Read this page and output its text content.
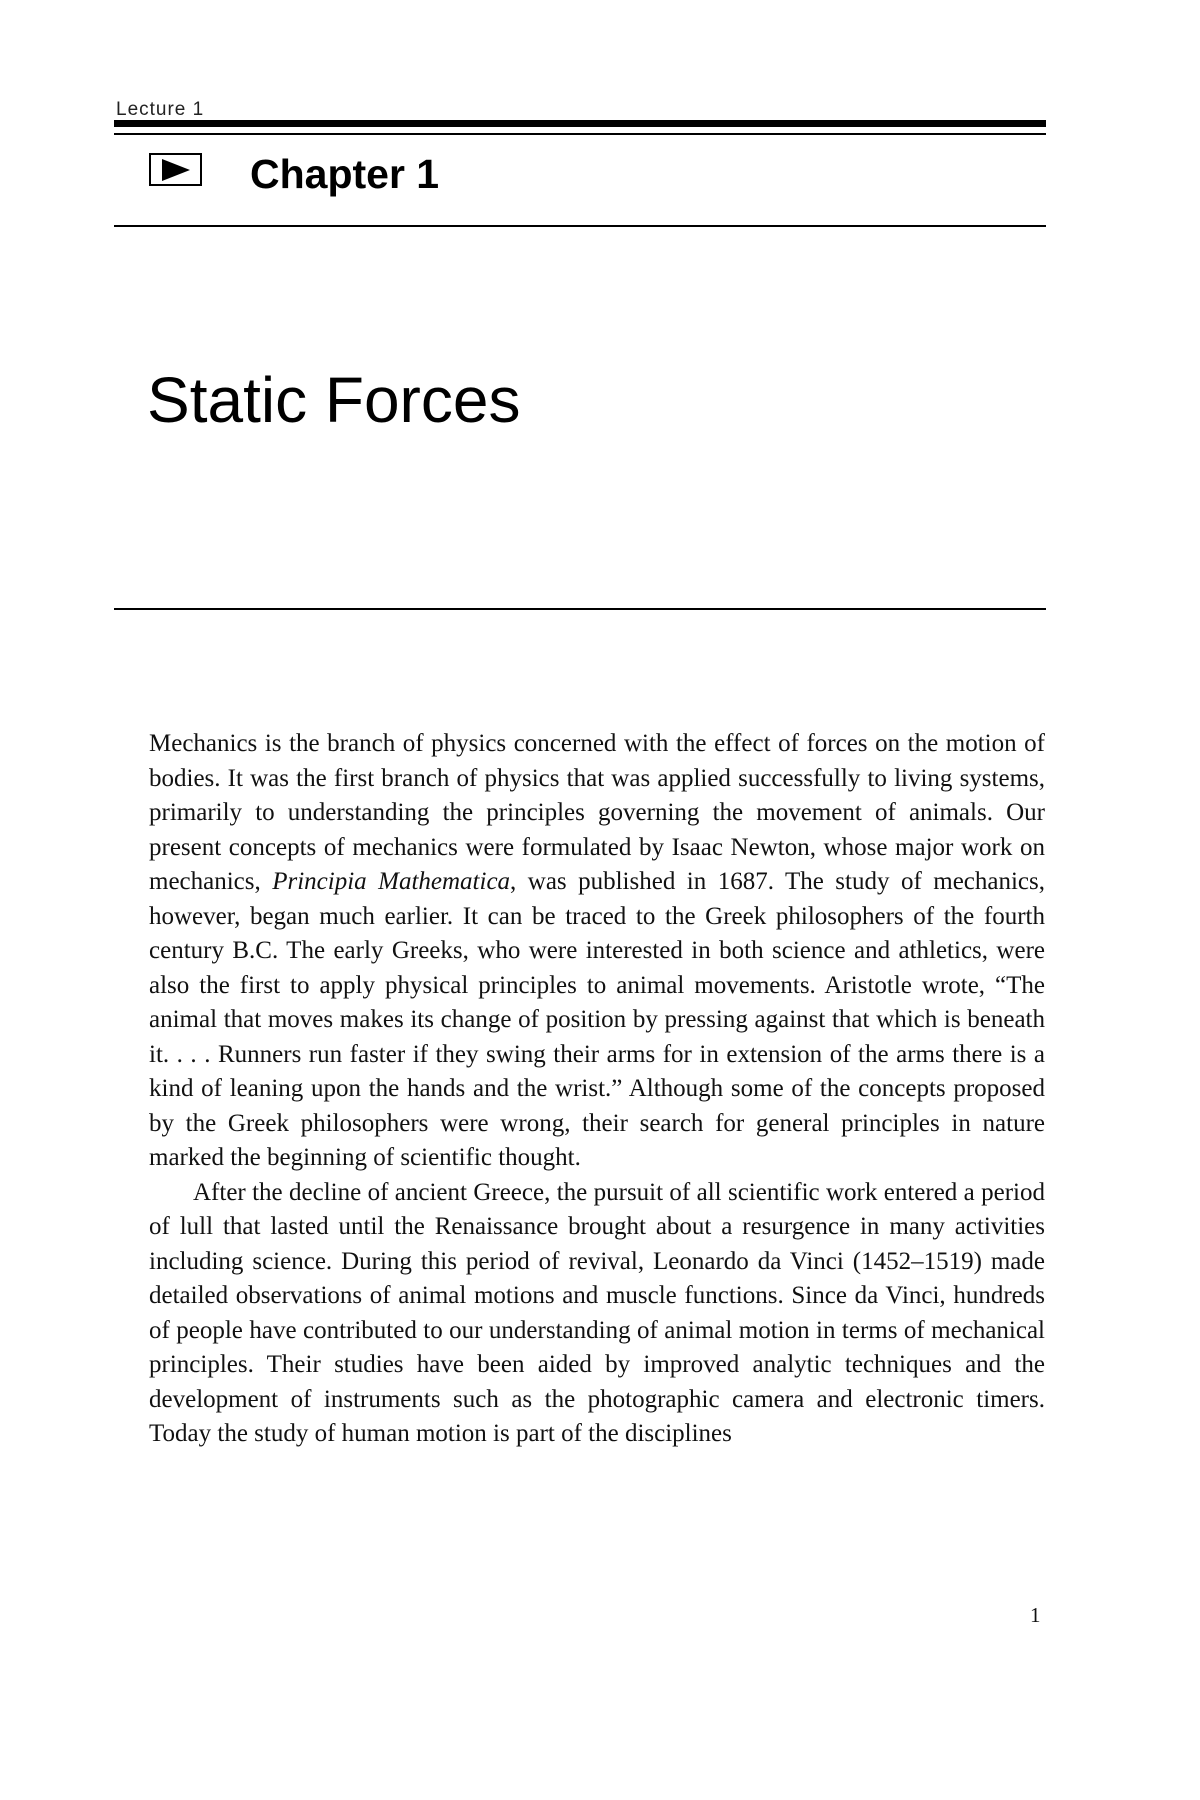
Lecture 1
Chapter 1
Static Forces

Mechanics is the branch of physics concerned with the effect of forces on the motion of bodies. It was the first branch of physics that was applied successfully to living systems, primarily to understanding the principles governing the movement of animals. Our present concepts of mechanics were formulated by Isaac Newton, whose major work on mechanics, Principia Mathematica, was published in 1687. The study of mechanics, however, began much earlier. It can be traced to the Greek philosophers of the fourth century B.C. The early Greeks, who were interested in both science and athletics, were also the first to apply physical principles to animal movements. Aristotle wrote, “The animal that moves makes its change of position by pressing against that which is beneath it. . . . Runners run faster if they swing their arms for in extension of the arms there is a kind of leaning upon the hands and the wrist.” Although some of the concepts proposed by the Greek philosophers were wrong, their search for general principles in nature marked the beginning of scientific thought.

After the decline of ancient Greece, the pursuit of all scientific work entered a period of lull that lasted until the Renaissance brought about a resurgence in many activities including science. During this period of revival, Leonardo da Vinci (1452–1519) made detailed observations of animal motions and muscle functions. Since da Vinci, hundreds of people have contributed to our understanding of animal motion in terms of mechanical principles. Their studies have been aided by improved analytic techniques and the development of instruments such as the photographic camera and electronic timers. Today the study of human motion is part of the disciplines

1
